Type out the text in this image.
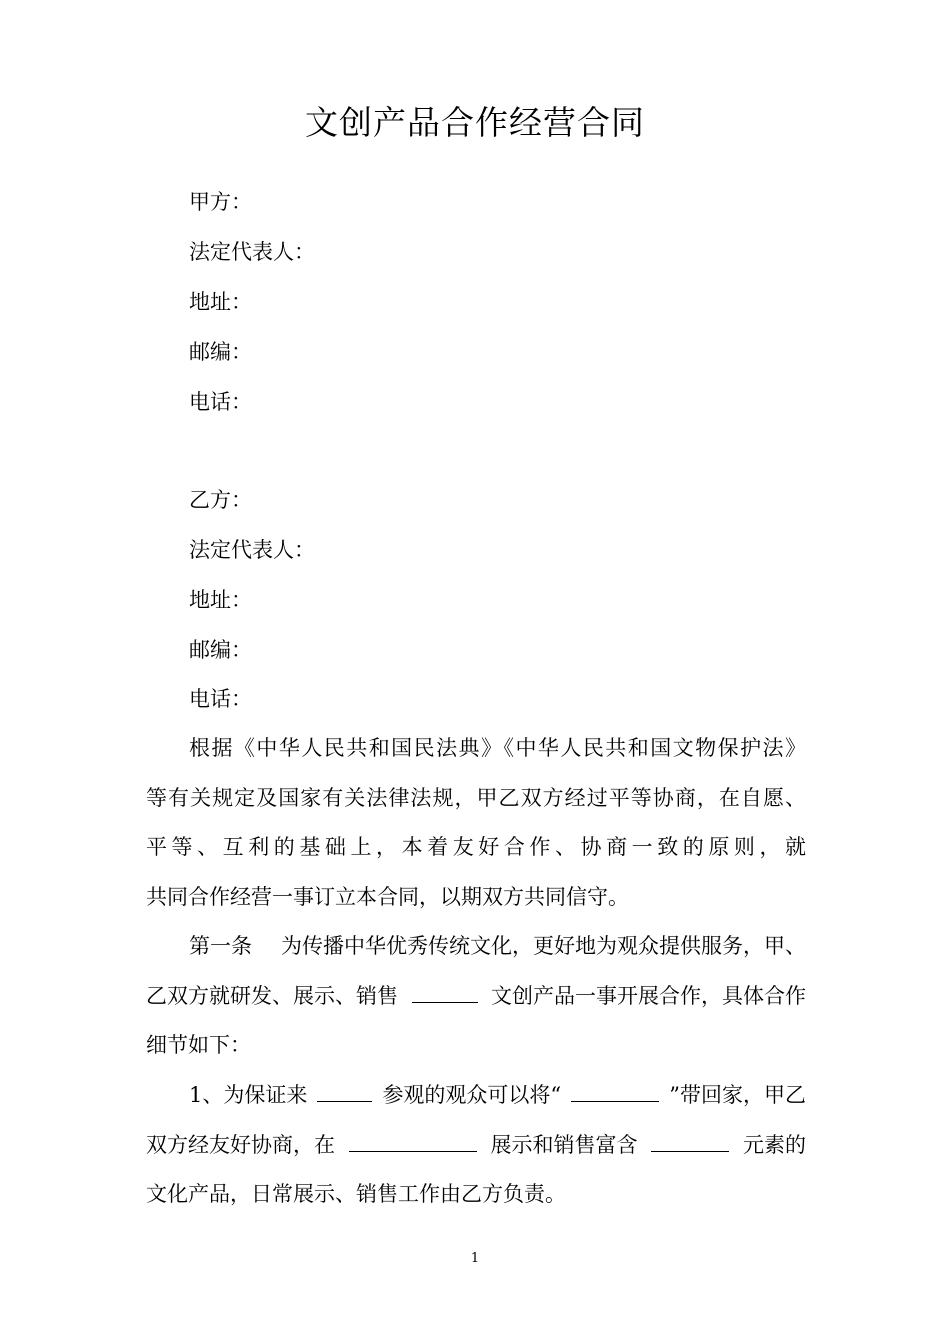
文创产品合作经营合同
甲方：
法定代表人：
地址：
邮编：
电话：
乙方：
法定代表人：
地址：
邮编：
电话：
根据《中华人民共和国民法典》《中华人民共和国文物保护法》
等有关规定及国家有关法律法规，甲乙双方经过平等协商，在自愿、
平等、互利的基础上，本着友好合作、协商一致的原则，就
共同合作经营一事订立本合同，以期双方共同信守。
第一条 为传播中华优秀传统文化，更好地为观众提供服务，甲、
乙双方就研发、展示、销售	文创产品一事开展合作，具体合作
细节如下：
1、为保证来	参观的观众可以将“	”带回家，甲乙
双方经友好协商，在	展示和销售富含	元素的
文化产品，日常展示、销售工作由乙方负责。
1
